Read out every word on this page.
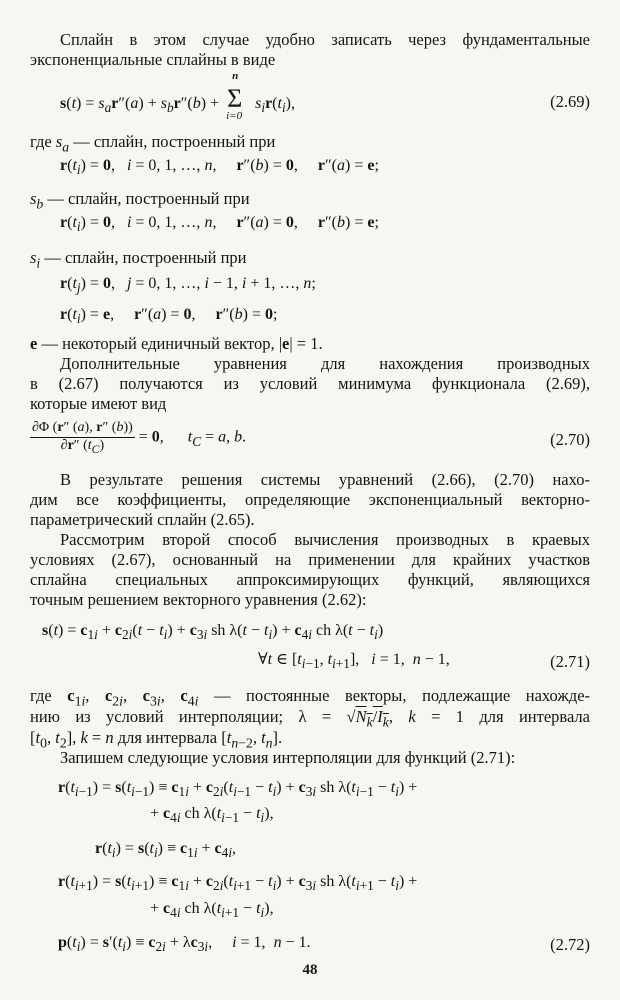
Сплайн в этом случае удобно записать через фундаментальные
экспоненциальные сплайны в виде
$s(t) = s_ar''(a) + s_br''(b)$ +
n
Σ
i=0
$s_ir(t_i)$,	(2.69)
где $s_a$ — сплайн, построенный при
$r(t_i) = 0$,   i = 0, 1, …, n,     r″(b) = 0,     r″(a) = e;
$s_b$ — сплайн, построенный при
$r(t_i) = 0$,   i = 0, 1, …, n,     r″(a) = 0,     r″(b) = e;
$s_i$ — сплайн, построенный при
$r(t_j) = 0$,   j = 0, 1, …, i − 1, i + 1, …, n;
$r(t_i) = e$,     r″(a) = 0,     r″(b) = 0;
e — некоторый единичный вектор, |e| = 1.
Дополнительные уравнения для нахождения производных
в (2.67) получаются из условий минимума функционала (2.69),
которые имеют вид
$\frac{\partial\Phi (r'' (a), r'' (b))}{\partial r'' (t_C)} = 0$,      $t_C = a$, b.	(2.70)
В результате решения системы уравнений (2.66), (2.70) нахо-
дим все коэффициенты, определяющие экспоненциальный векторно-
параметрический сплайн (2.65).
Рассмотрим второй способ вычисления производных в краевых
условиях (2.67), основанный на применении для крайних участков
сплайна специальных аппроксимирующих функций, являющихся
точным решением векторного уравнения (2.62):
$s(t) = c_{1i} + c_{2i}(t - t_i) + c_{3i}$ sh $\lambda(t - t_i) + c_{4i}$ ch $\lambda(t - t_i)$
∀t ∈ [$t_{i-1}$, $t_{i+1}$],   i = 1,  n − 1,	(2.71)
где $c_{1i}$, $c_{2i}$, $c_{3i}$, $c_{4i}$ — постоянные векторы, подлежащие нахожде-
нию из условий интерполяции; $\lambda = √N_k/I_k$, k = 1 для интервала
[$t_0$, $t_2$], k = n для интервала [$t_{n-2}$, $t_n$].
Запишем следующие условия интерполяции для функций (2.71):
$r(t_{i-1}) = s(t_{i-1}) \equiv c_{1i} + c_{2i}(t_{i-1} - t_i) + c_{3i}$ sh $\lambda(t_{i-1} - t_i)$ +
+ $c_{4i}$ ch $\lambda(t_{i-1} - t_i)$,
$r(t_i) = s(t_i) \equiv c_{1i} + c_{4i}$,
$r(t_{i+1}) = s(t_{i+1}) \equiv c_{1i} + c_{2i}(t_{i+1} - t_i) + c_{3i}$ sh $\lambda(t_{i+1} - t_i)$ +
+ $c_{4i}$ ch $\lambda(t_{i+1} - t_i)$,
$p(t_i) = s'(t_i) \equiv c_{2i} + \lambda c_{3i}$,     i = 1,  n − 1.	(2.72)
48
